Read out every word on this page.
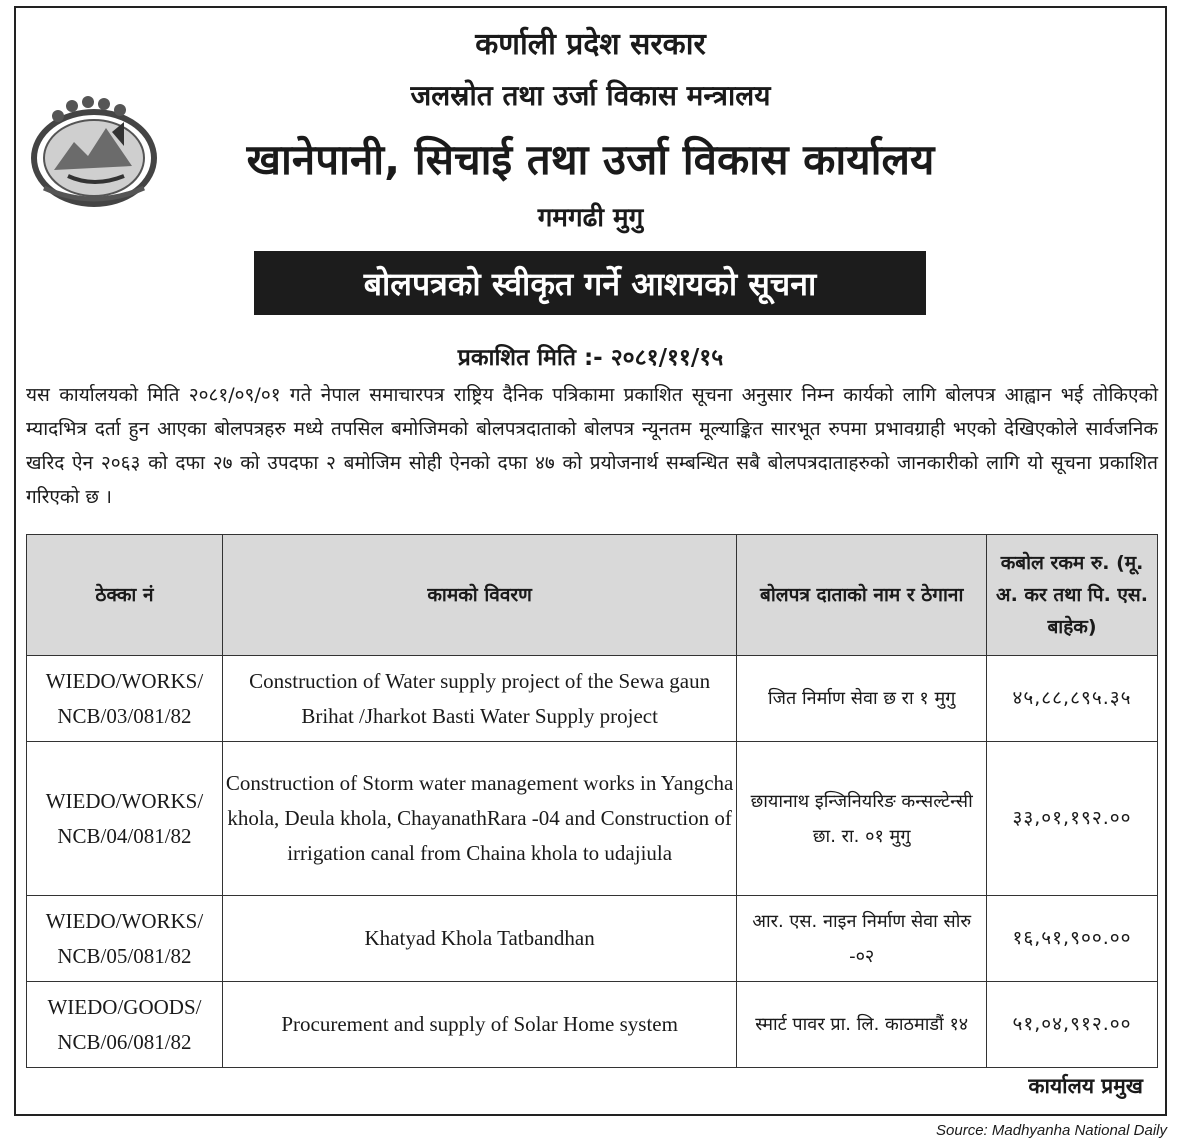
कर्णाली प्रदेश सरकार
जलस्रोत तथा उर्जा विकास मन्त्रालय
खानेपानी, सिचाई तथा उर्जा विकास कार्यालय
गमगढी मुगु
बोलपत्रको स्वीकृत गर्ने आशयको सूचना
प्रकाशित मिति :- २०८१/११/१५
यस कार्यालयको मिति २०८१/०९/०१ गते नेपाल समाचारपत्र राष्ट्रिय दैनिक पत्रिकामा प्रकाशित सूचना अनुसार निम्न कार्यको लागि बोलपत्र आह्वान भई तोकिएको म्यादभित्र दर्ता हुन आएका बोलपत्रहरु मध्ये तपसिल बमोजिमको बोलपत्रदाताको बोलपत्र न्यूनतम मूल्याङ्कित सारभूत रुपमा प्रभावग्राही भएको देखिएकोले सार्वजनिक खरिद ऐन २०६३ को दफा २७ को उपदफा २ बमोजिम सोही ऐनको दफा ४७ को प्रयोजनार्थ सम्बन्धित सबै बोलपत्रदाताहरुको जानकारीको लागि यो सूचना प्रकाशित गरिएको छ ।
ठेक्का नं	कामको विवरण	बोलपत्र दाताको नाम र ठेगाना	कबोल रकम रु. (मू. अ. कर तथा पि. एस. बाहेक)
WIEDO/WORKS/ NCB/03/081/82	Construction of Water supply project of the Sewa gaun Brihat /Jharkot Basti Water Supply project	जित निर्माण सेवा छ रा १ मुगु	४५,८८,८९५.३५
WIEDO/WORKS/ NCB/04/081/82	Construction of Storm water management works in Yangcha khola, Deula khola, ChayanathRara -04 and Construction of irrigation canal from Chaina khola to udajiula	छायानाथ इन्जिनियरिङ कन्सल्टेन्सी छा. रा. ०१ मुगु	३३,०१,१९२.००
WIEDO/WORKS/ NCB/05/081/82	Khatyad Khola Tatbandhan	आर. एस. नाइन निर्माण सेवा सोरु -०२	१६,५१,९००.००
WIEDO/GOODS/ NCB/06/081/82	Procurement and supply of Solar Home system	स्मार्ट पावर प्रा. लि. काठमाडौं १४	५१,०४,९१२.००
कार्यालय प्रमुख
Source: Madhyanha National Daily
